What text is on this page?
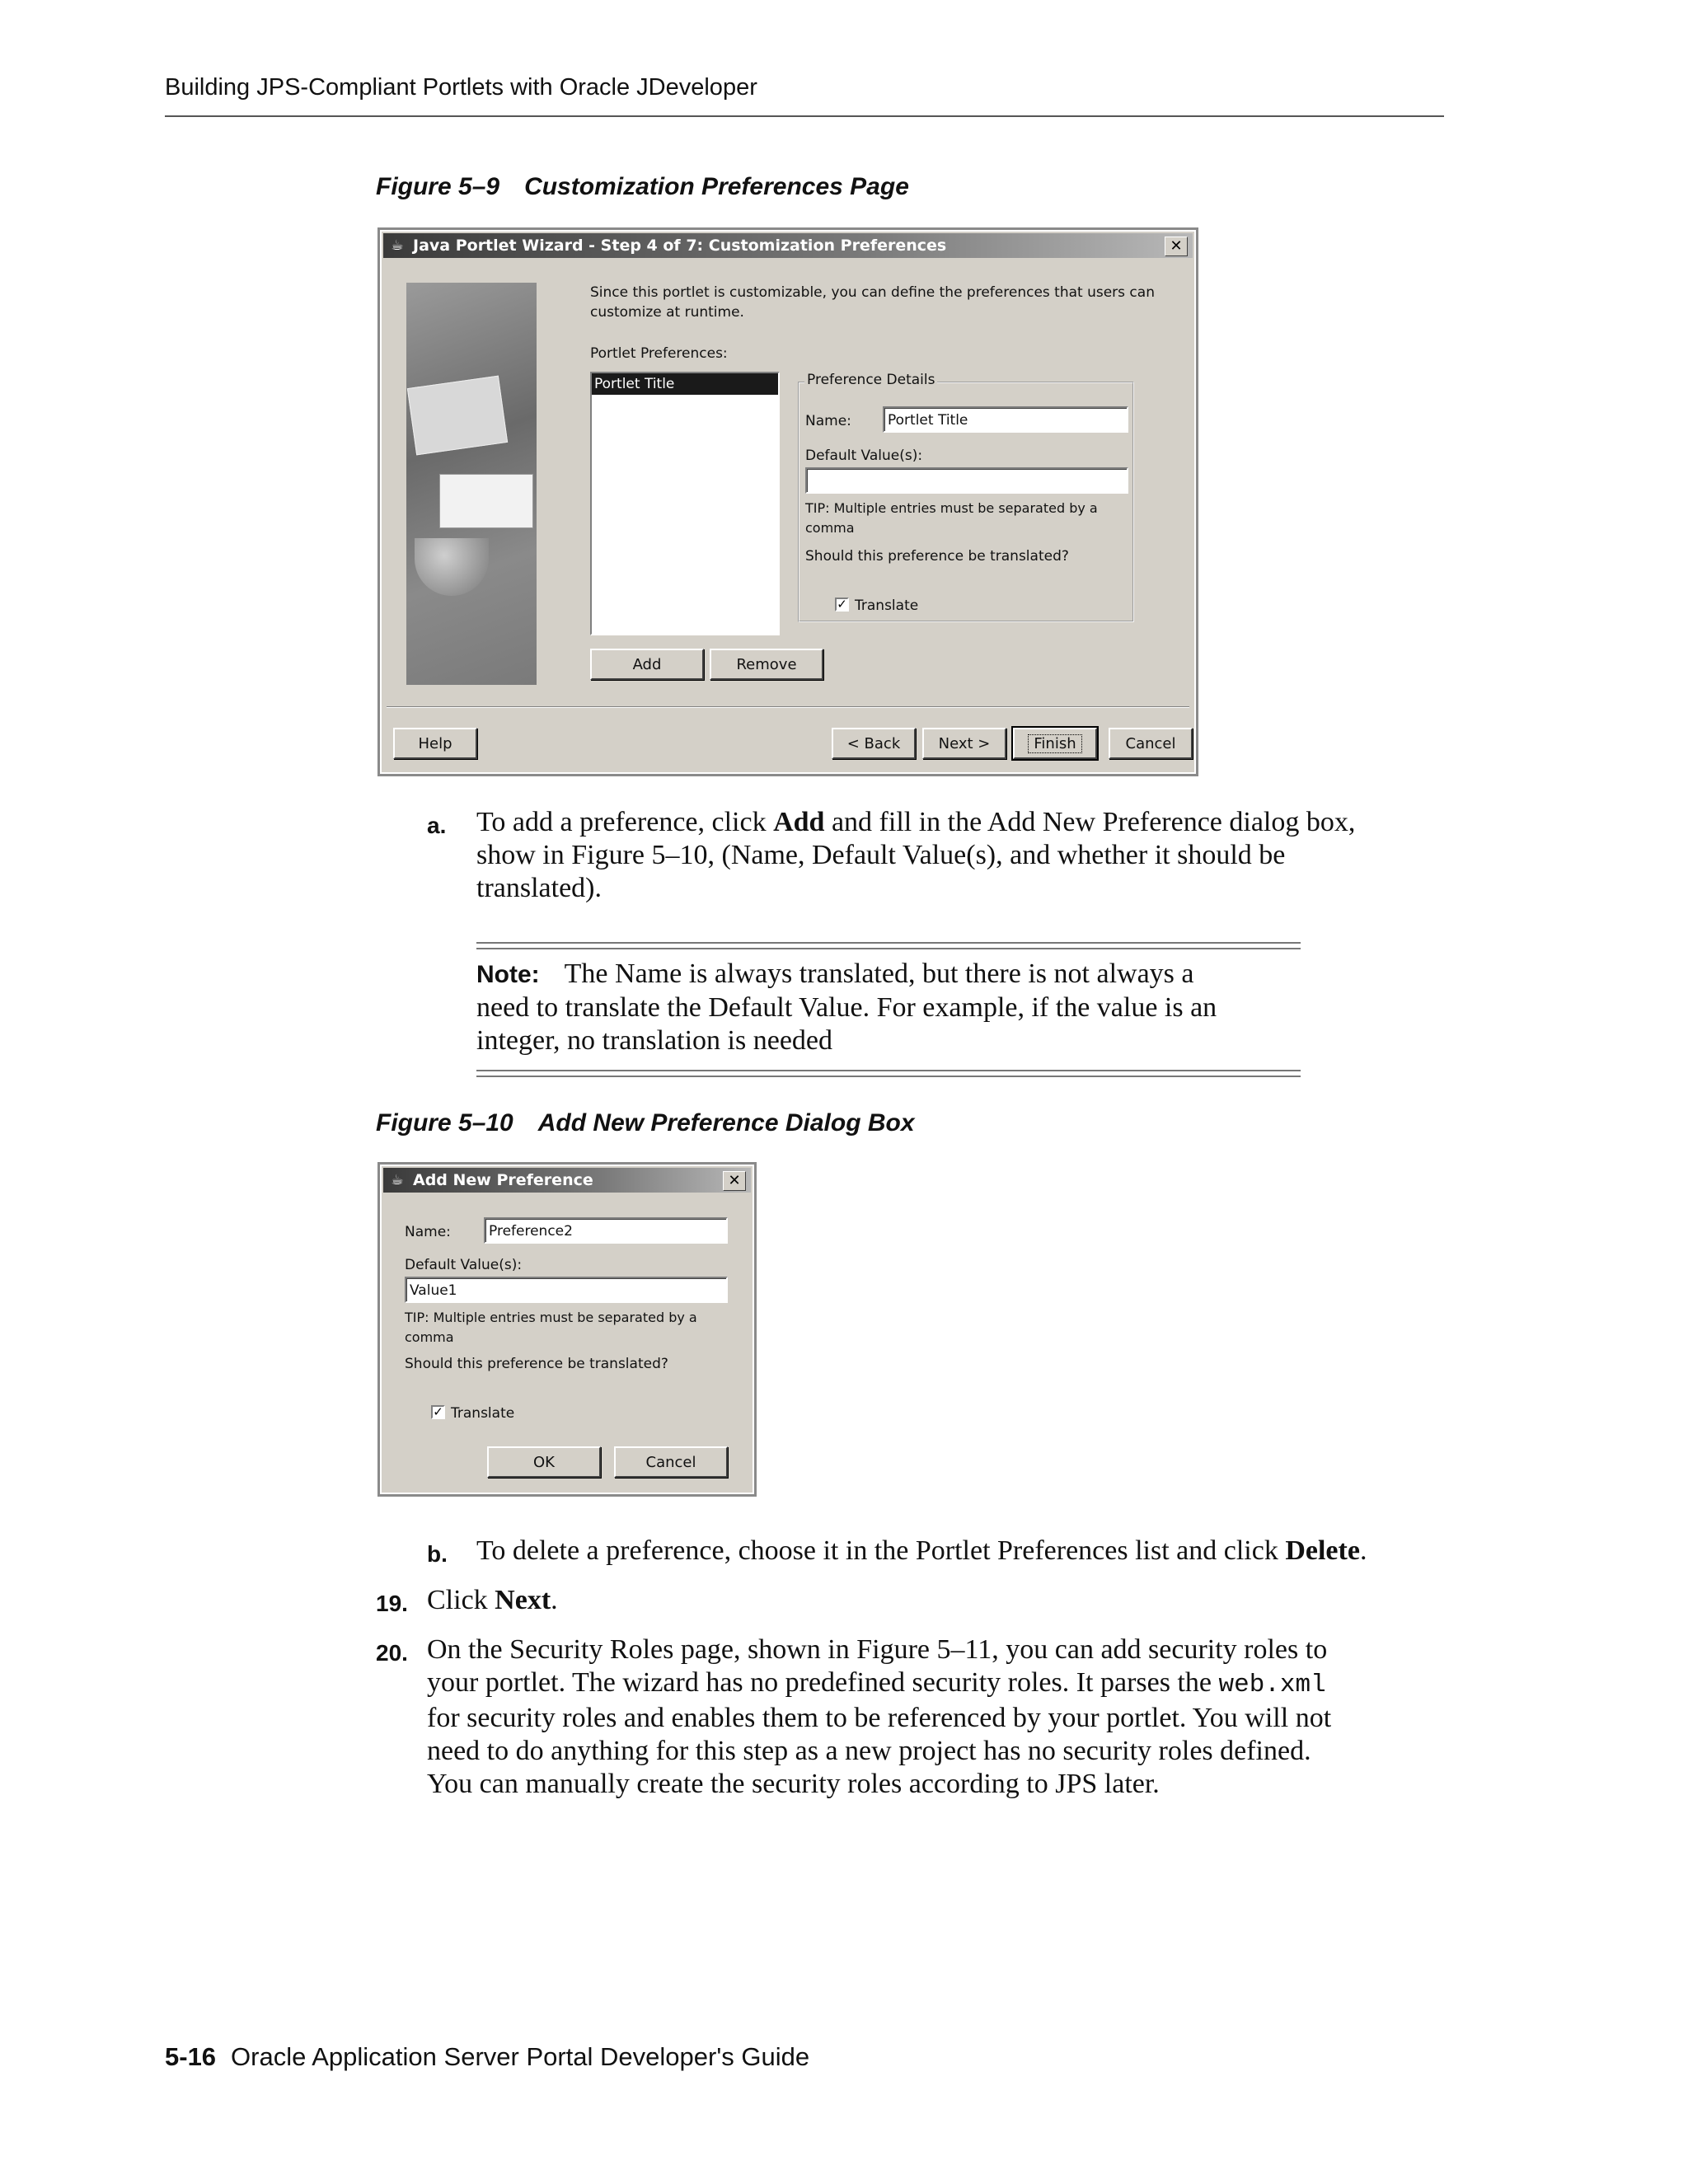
Building JPS-Compliant Portlets with Oracle JDeveloper
Figure 5–9 Customization Preferences Page
☕ Java Portlet Wizard - Step 4 of 7: Customization Preferences	✕
Since this portlet is customizable, you can define the preferences that users can
customize at runtime.
Portlet Preferences:
Portlet Title	Preference Details
Name:	Portlet Title
Default Value(s):
TIP: Multiple entries must be separated by a
comma
Should this preference be translated?
✓ Translate
Add	Remove
Help	< Back	Next >	Finish	Cancel
a. To add a preference, click Add and fill in the Add New Preference dialog box,
show in Figure 5–10, (Name, Default Value(s), and whether it should be
translated).
Note: The Name is always translated, but there is not always a
need to translate the Default Value. For example, if the value is an
integer, no translation is needed
Figure 5–10 Add New Preference Dialog Box
☕ Add New Preference	✕
Name:	Preference2
Default Value(s):
Value1
TIP: Multiple entries must be separated by a
comma
Should this preference be translated?
✓ Translate
OK	Cancel
b. To delete a preference, choose it in the Portlet Preferences list and click Delete.
19. Click Next.
20. On the Security Roles page, shown in Figure 5–11, you can add security roles to
your portlet. The wizard has no predefined security roles. It parses the web.xml
for security roles and enables them to be referenced by your portlet. You will not
need to do anything for this step as a new project has no security roles defined.
You can manually create the security roles according to JPS later.
5-16 Oracle Application Server Portal Developer's Guide
